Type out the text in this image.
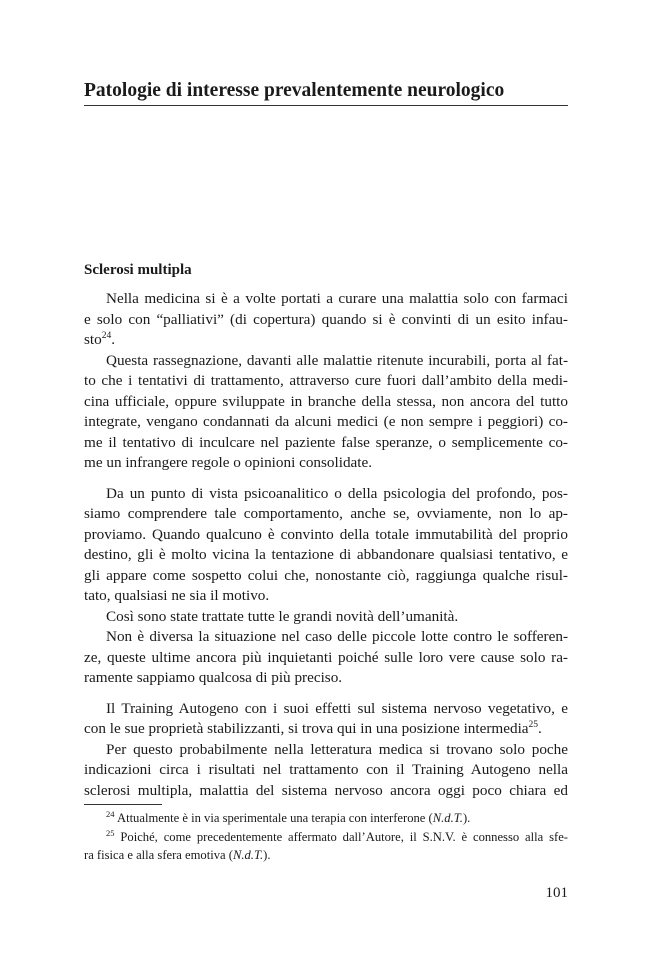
Patologie di interesse prevalentemente neurologico
Sclerosi multipla
Nella medicina si è a volte portati a curare una malattia solo con farmaci
e solo con “palliativi” (di copertura) quando si è convinti di un esito infau-
sto$^{24}$.
Questa rassegnazione, davanti alle malattie ritenute incurabili, porta al fat-
to che i tentativi di trattamento, attraverso cure fuori dall’ambito della medi-
cina ufficiale, oppure sviluppate in branche della stessa, non ancora del tutto
integrate, vengano condannati da alcuni medici (e non sempre i peggiori) co-
me il tentativo di inculcare nel paziente false speranze, o semplicemente co-
me un infrangere regole o opinioni consolidate.
Da un punto di vista psicoanalitico o della psicologia del profondo, pos-
siamo comprendere tale comportamento, anche se, ovviamente, non lo ap-
proviamo. Quando qualcuno è convinto della totale immutabilità del proprio
destino, gli è molto vicina la tentazione di abbandonare qualsiasi tentativo, e
gli appare come sospetto colui che, nonostante ciò, raggiunga qualche risul-
tato, qualsiasi ne sia il motivo.
Così sono state trattate tutte le grandi novità dell’umanità.
Non è diversa la situazione nel caso delle piccole lotte contro le sofferen-
ze, queste ultime ancora più inquietanti poiché sulle loro vere cause solo ra-
ramente sappiamo qualcosa di più preciso.
Il Training Autogeno con i suoi effetti sul sistema nervoso vegetativo, e
con le sue proprietà stabilizzanti, si trova qui in una posizione intermedia$^{25}$.
Per questo probabilmente nella letteratura medica si trovano solo poche
indicazioni circa i risultati nel trattamento con il Training Autogeno nella
sclerosi multipla, malattia del sistema nervoso ancora oggi poco chiara ed
$^{24}$ Attualmente è in via sperimentale una terapia con interferone (N.d.T.).
$^{25}$ Poiché, come precedentemente affermato dall’Autore, il S.N.V. è connesso alla sfe-
ra fisica e alla sfera emotiva (N.d.T.).
101
